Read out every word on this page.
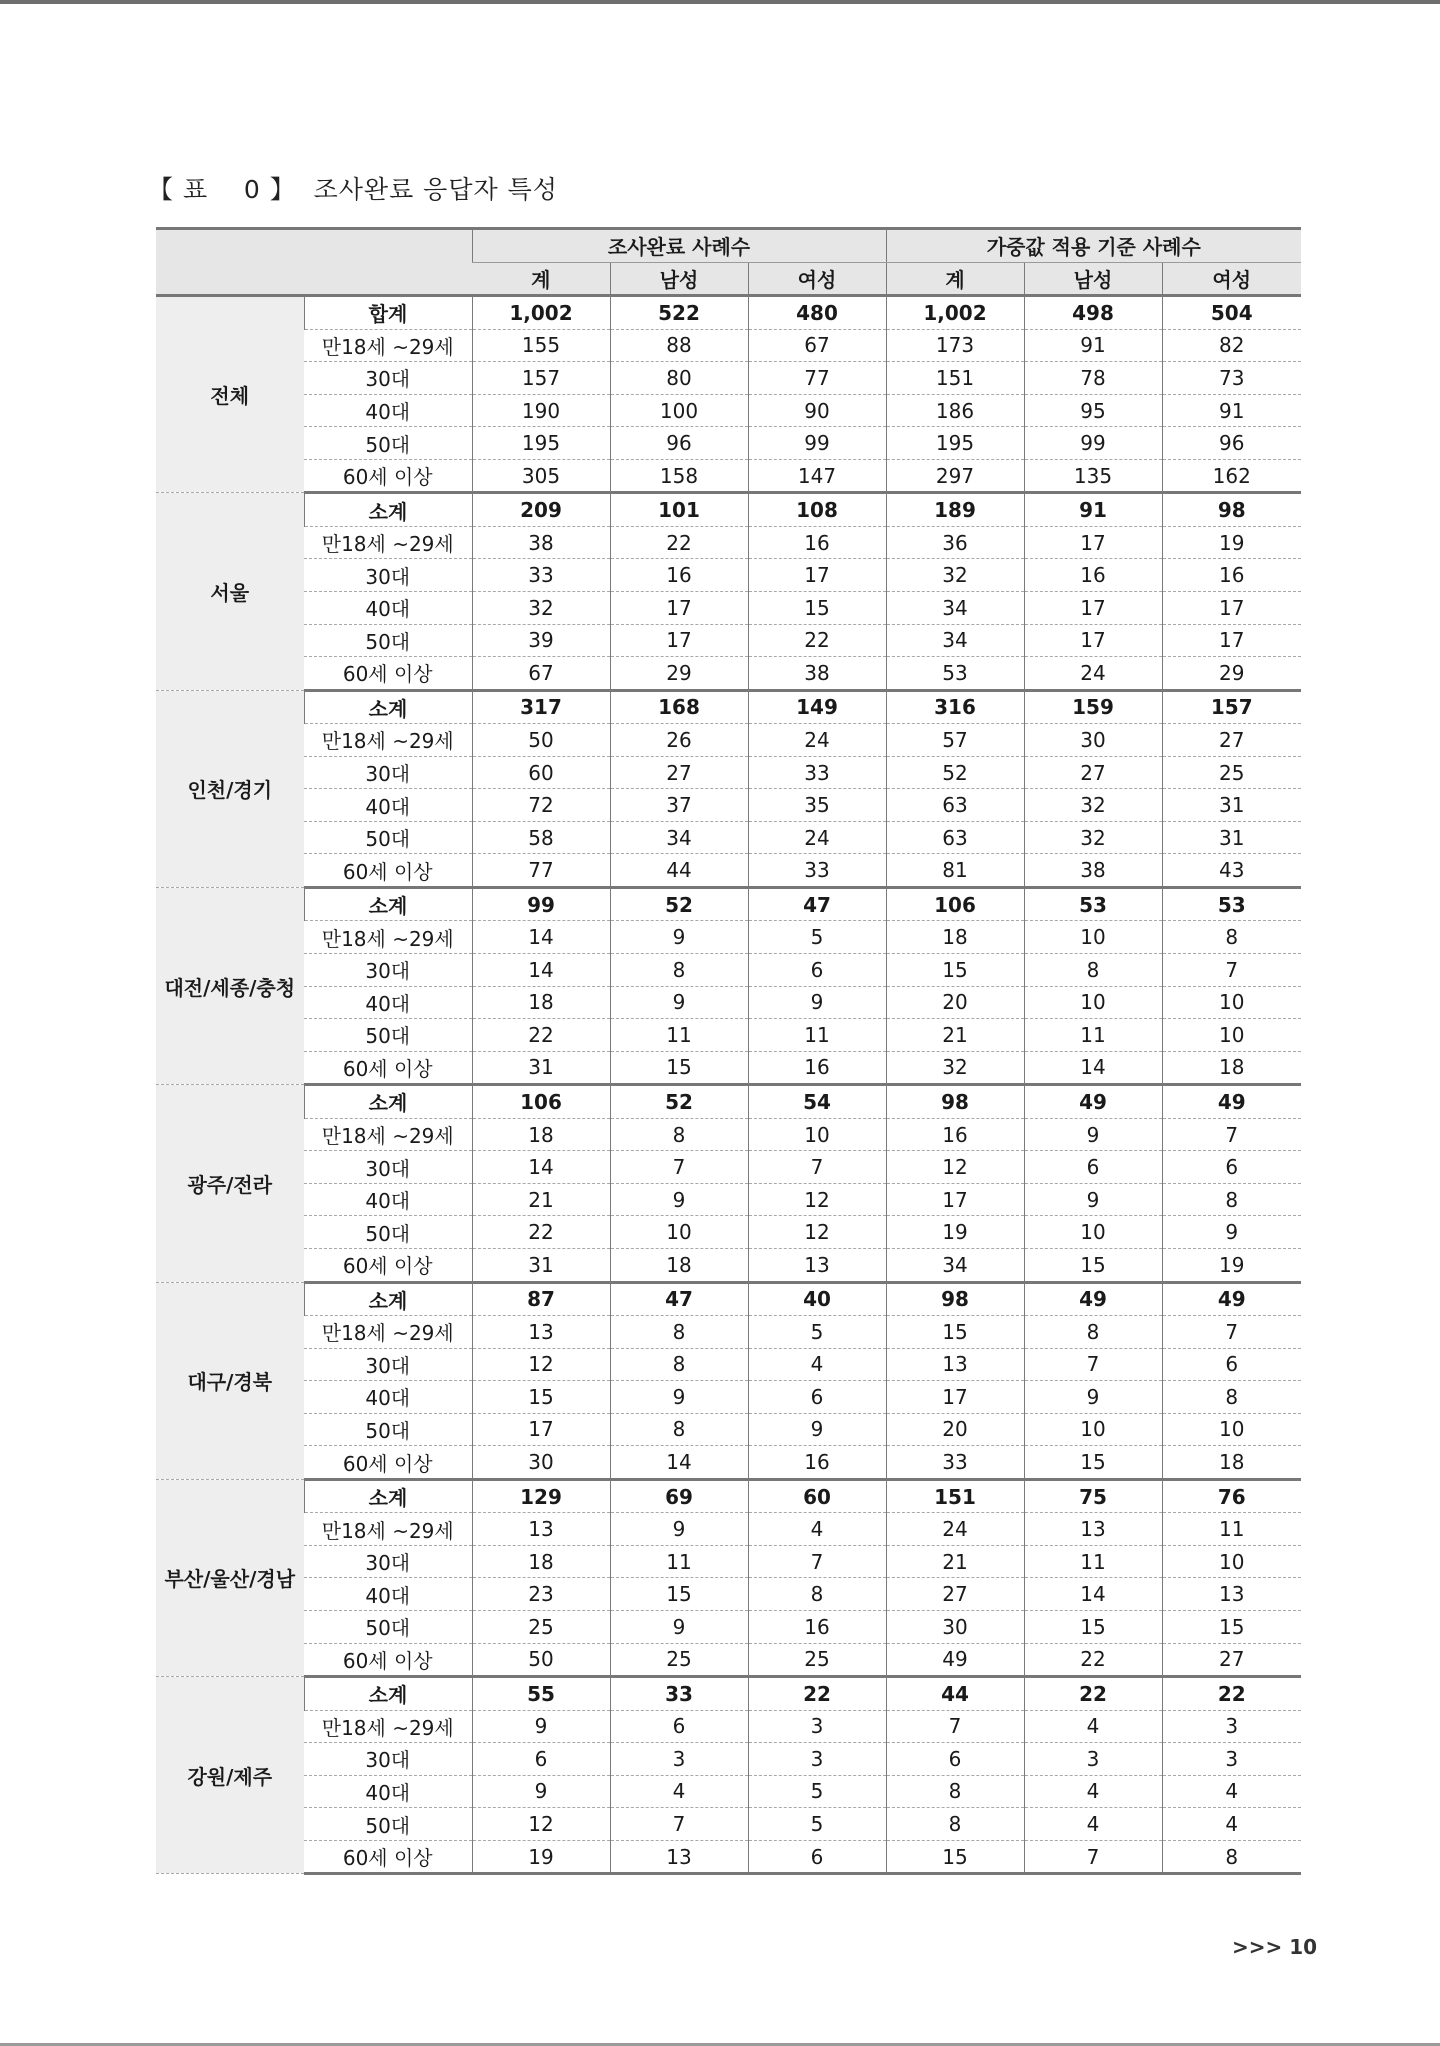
【 표    0 】  조사완료 응답자 특성
		조사완료 사례수			가중값 적용 기준 사례수		
		계	남성	여성	계	남성	여성
전체	합계	1,002	522	480	1,002	498	504
	만18세 ~29세	155	88	67	173	91	82
	30대	157	80	77	151	78	73
	40대	190	100	90	186	95	91
	50대	195	96	99	195	99	96
	60세 이상	305	158	147	297	135	162
서울	소계	209	101	108	189	91	98
	만18세 ~29세	38	22	16	36	17	19
	30대	33	16	17	32	16	16
	40대	32	17	15	34	17	17
	50대	39	17	22	34	17	17
	60세 이상	67	29	38	53	24	29
인천/경기	소계	317	168	149	316	159	157
	만18세 ~29세	50	26	24	57	30	27
	30대	60	27	33	52	27	25
	40대	72	37	35	63	32	31
	50대	58	34	24	63	32	31
	60세 이상	77	44	33	81	38	43
대전/세종/충청	소계	99	52	47	106	53	53
	만18세 ~29세	14	9	5	18	10	8
	30대	14	8	6	15	8	7
	40대	18	9	9	20	10	10
	50대	22	11	11	21	11	10
	60세 이상	31	15	16	32	14	18
광주/전라	소계	106	52	54	98	49	49
	만18세 ~29세	18	8	10	16	9	7
	30대	14	7	7	12	6	6
	40대	21	9	12	17	9	8
	50대	22	10	12	19	10	9
	60세 이상	31	18	13	34	15	19
대구/경북	소계	87	47	40	98	49	49
	만18세 ~29세	13	8	5	15	8	7
	30대	12	8	4	13	7	6
	40대	15	9	6	17	9	8
	50대	17	8	9	20	10	10
	60세 이상	30	14	16	33	15	18
부산/울산/경남	소계	129	69	60	151	75	76
	만18세 ~29세	13	9	4	24	13	11
	30대	18	11	7	21	11	10
	40대	23	15	8	27	14	13
	50대	25	9	16	30	15	15
	60세 이상	50	25	25	49	22	27
강원/제주	소계	55	33	22	44	22	22
	만18세 ~29세	9	6	3	7	4	3
	30대	6	3	3	6	3	3
	40대	9	4	5	8	4	4
	50대	12	7	5	8	4	4
	60세 이상	19	13	6	15	7	8
>>> 10
